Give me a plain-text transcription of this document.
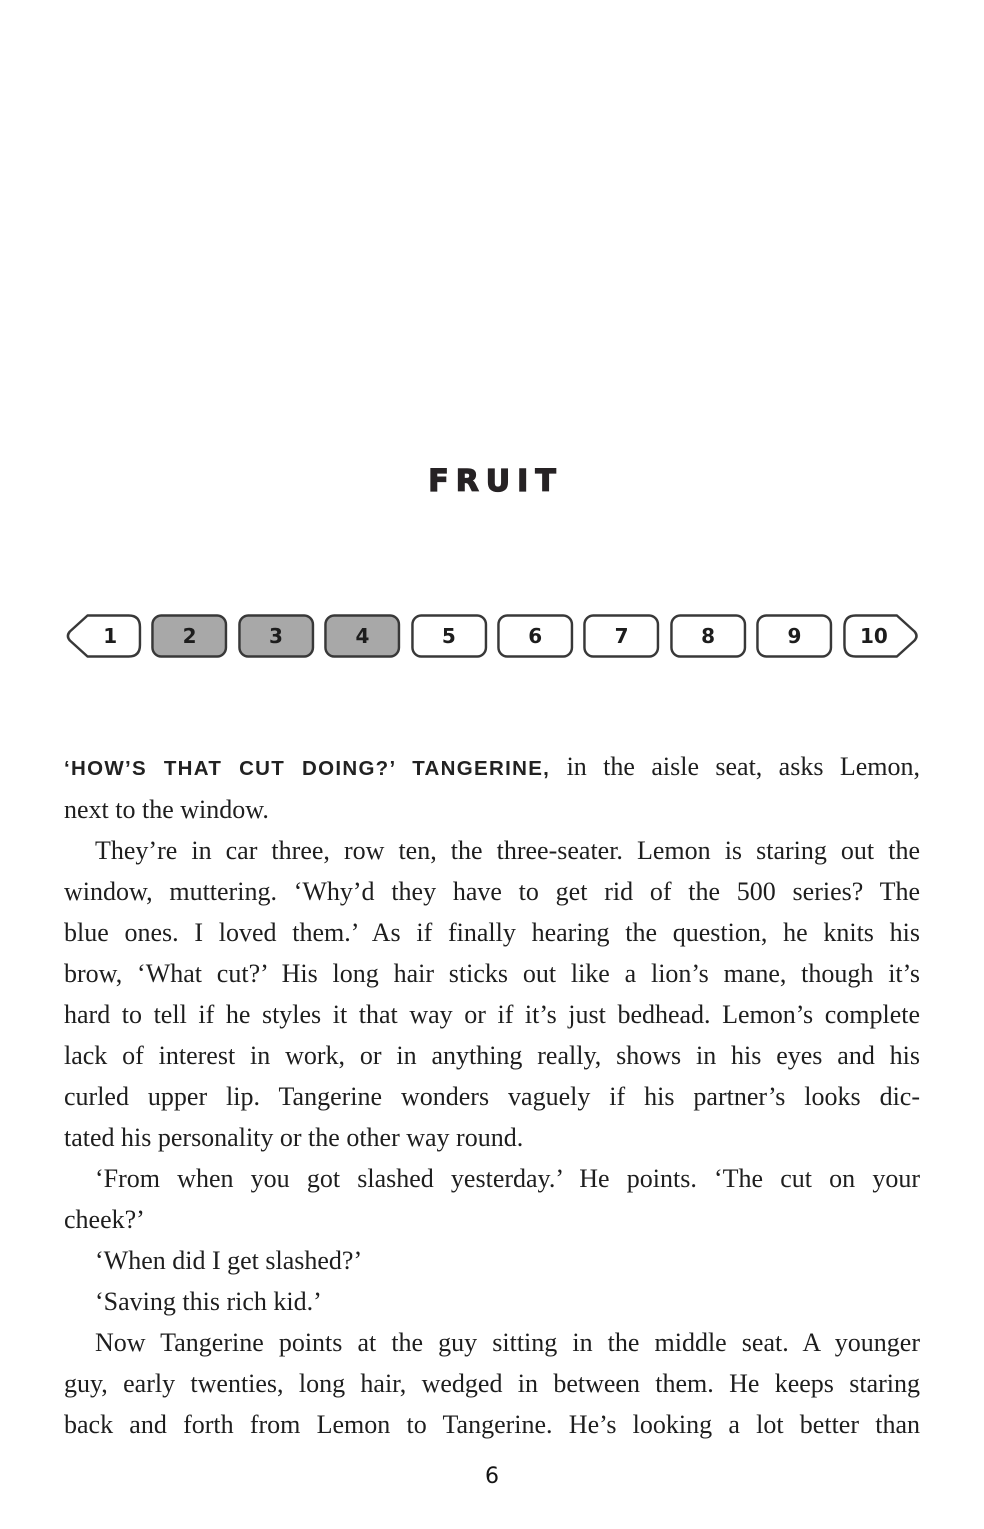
FRUIT
1	2	3	4	5	6	7	8	9	10
‘HOW’S THAT CUT DOING?’ TANGERINE, in the aisle seat, asks Lemon,
next to the window.
They’re in car three, row ten, the three-seater. Lemon is staring out the
window, muttering. ‘Why’d they have to get rid of the 500 series? The
blue ones. I loved them.’ As if finally hearing the question, he knits his
brow, ‘What cut?’ His long hair sticks out like a lion’s mane, though it’s
hard to tell if he styles it that way or if it’s just bedhead. Lemon’s complete
lack of interest in work, or in anything really, shows in his eyes and his
curled upper lip. Tangerine wonders vaguely if his partner’s looks dic-
tated his personality or the other way round.
‘From when you got slashed yesterday.’ He points. ‘The cut on your
cheek?’
‘When did I get slashed?’
‘Saving this rich kid.’
Now Tangerine points at the guy sitting in the middle seat. A younger
guy, early twenties, long hair, wedged in between them. He keeps staring
back and forth from Lemon to Tangerine. He’s looking a lot better than
6
